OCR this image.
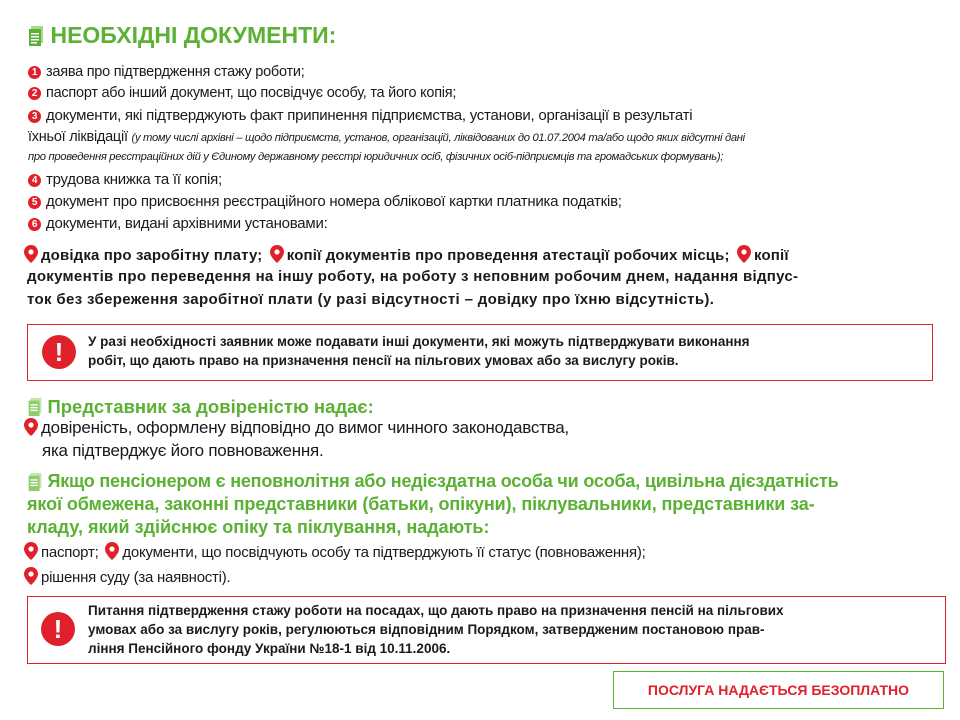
НЕОБХІДНІ ДОКУМЕНТИ:
1 заява про підтвердження стажу роботи;
2 паспорт або інший документ, що посвідчує особу, та його копія;
3 документи, які підтверджують факт припинення підприємства, установи, організації в результаті
їхньої ліквідації (у тому числі архівні – щодо підприємств, установ, організацій, ліквідованих до 01.07.2004 та/або щодо яких відсутні дані
про проведення реєстраційних дій у Єдиному державному реєстрі юридичних осіб, фізичних осіб-підприємців та громадських формувань);
4 трудова книжка та її копія;
5 документ про присвоєння реєстраційного номера облікової картки платника податків;
6 документи, видані архівними установами:
довідка про заробітну плату; копії документів про проведення атестації робочих місць; копії
документів про переведення на іншу роботу, на роботу з неповним робочим днем, надання відпус-
ток без збереження заробітної плати (у разі відсутності – довідку про їхню відсутність).
!	У разі необхідності заявник може подавати інші документи, які можуть підтверджувати виконання
робіт, що дають право на призначення пенсії на пільгових умовах або за вислугу років.
Представник за довіреністю надає:
довіреність, оформлену відповідно до вимог чинного законодавства,
яка підтверджує його повноваження.
Якщо пенсіонером є неповнолітня або недієздатна особа чи особа, цивільна дієздатність
якої обмежена, законні представники (батьки, опікуни), піклувальники, представники за-
кладу, який здійснює опіку та піклування, надають:
паспорт; документи, що посвідчують особу та підтверджують її статус (повноваження);
рішення суду (за наявності).
!
Питання підтвердження стажу роботи на посадах, що дають право на призначення пенсій на пільгових
умовах або за вислугу років, регулюються відповідним Порядком, затвердженим постановою прав-
ління Пенсійного фонду України №18-1 від 10.11.2006.
ПОСЛУГА НАДАЄТЬСЯ БЕЗОПЛАТНО
